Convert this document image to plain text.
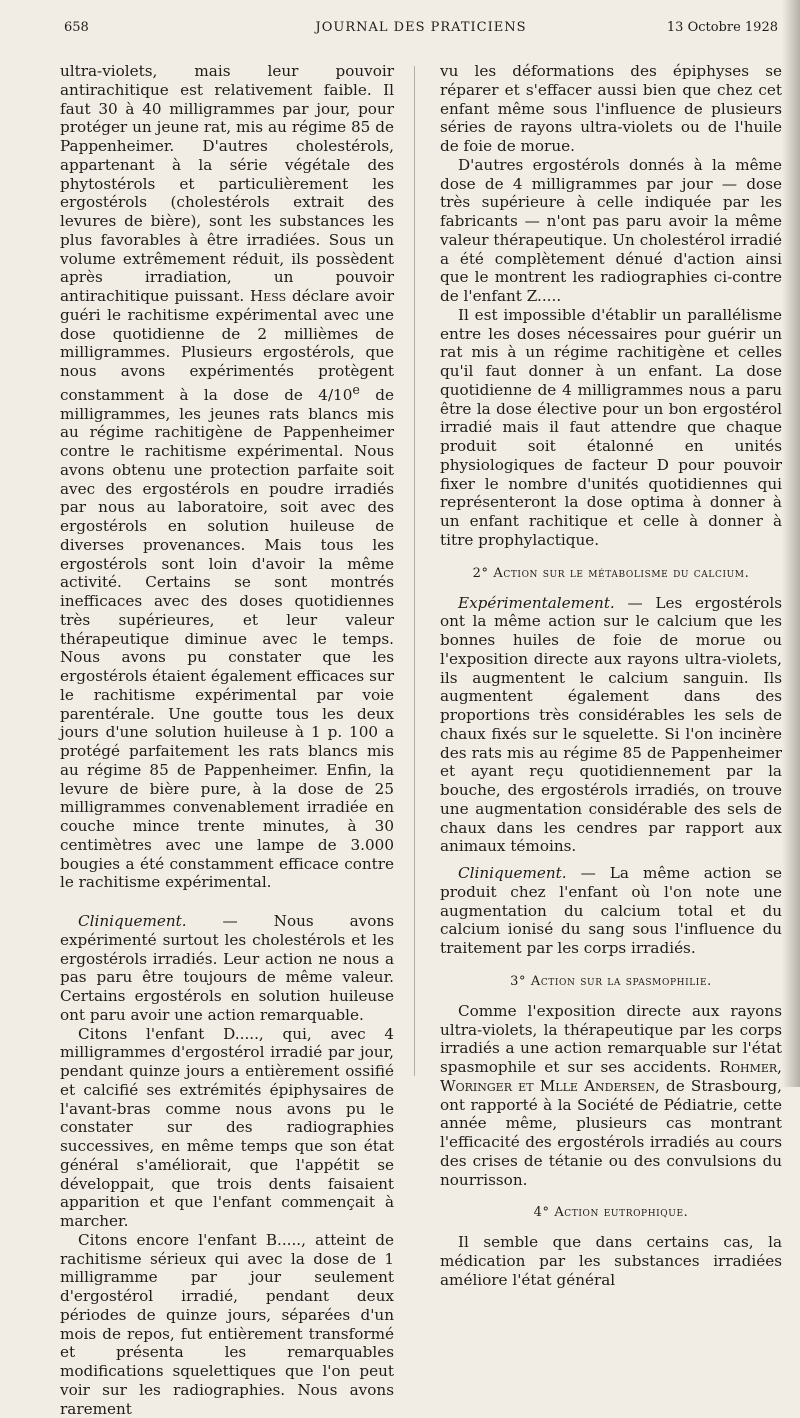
658	JOURNAL DES PRATICIENS	13 Octobre 1928

ultra-violets, mais leur pouvoir antirachitique est relativement faible. Il faut 30 à 40 milligrammes par jour, pour protéger un jeune rat, mis au régime 85 de Pappenheimer. D'autres cholestérols, appartenant à la série végétale des phytostérols et particulièrement les ergostérols (cholestérols extrait des levures de bière), sont les substances les plus favorables à être irradiées. Sous un volume extrêmement réduit, ils possèdent après irradiation, un pouvoir antirachitique puissant. Hess déclare avoir guéri le rachitisme expérimental avec une dose quotidienne de 2 millièmes de milligrammes. Plusieurs ergostérols, que nous avons expérimentés protègent constamment à la dose de 4/10e de milligrammes, les jeunes rats blancs mis au régime rachitigène de Pappenheimer contre le rachitisme expérimental. Nous avons obtenu une protection parfaite soit avec des ergostérols en poudre irradiés par nous au laboratoire, soit avec des ergostérols en solution huileuse de diverses provenances. Mais tous les ergostérols sont loin d'avoir la même activité. Certains se sont montrés inefficaces avec des doses quotidiennes très supérieures, et leur valeur thérapeutique diminue avec le temps. Nous avons pu constater que les ergostérols étaient également efficaces sur le rachitisme expérimental par voie parentérale. Une goutte tous les deux jours d'une solution huileuse à 1 p. 100 a protégé parfaitement les rats blancs mis au régime 85 de Pappenheimer. Enfin, la levure de bière pure, à la dose de 25 milligrammes convenablement irradiée en couche mince trente minutes, à 30 centimètres avec une lampe de 3.000 bougies a été constamment efficace contre le rachitisme expérimental.

Cliniquement. — Nous avons expérimenté surtout les cholestérols et les ergostérols irradiés. Leur action ne nous a pas paru être toujours de même valeur. Certains ergostérols en solution huileuse ont paru avoir une action remarquable.

Citons l'enfant D....., qui, avec 4 milligrammes d'ergostérol irradié par jour, pendant quinze jours a entièrement ossifié et calcifié ses extrémités épiphysaires de l'avant-bras comme nous avons pu le constater sur des radiographies successives, en même temps que son état général s'améliorait, que l'appétit se développait, que trois dents faisaient apparition et que l'enfant commençait à marcher.

Citons encore l'enfant B....., atteint de rachitisme sérieux qui avec la dose de 1 milligramme par jour seulement d'ergostérol irradié, pendant deux périodes de quinze jours, séparées d'un mois de repos, fut entièrement transformé et présenta les remarquables modifications squelettiques que l'on peut voir sur les radiographies. Nous avons rarement

vu les déformations des épiphyses se réparer et s'effacer aussi bien que chez cet enfant même sous l'influence de plusieurs séries de rayons ultra-violets ou de l'huile de foie de morue.

D'autres ergostérols donnés à la même dose de 4 milligrammes par jour — dose très supérieure à celle indiquée par les fabricants — n'ont pas paru avoir la même valeur thérapeutique. Un cholestérol irradié a été complètement dénué d'action ainsi que le montrent les radiographies ci-contre de l'enfant Z.....

Il est impossible d'établir un parallélisme entre les doses nécessaires pour guérir un rat mis à un régime rachitigène et celles qu'il faut donner à un enfant. La dose quotidienne de 4 milligrammes nous a paru être la dose élective pour un bon ergostérol irradié mais il faut attendre que chaque produit soit étalonné en unités physiologiques de facteur D pour pouvoir fixer le nombre d'unités quotidiennes qui représenteront la dose optima à donner à un enfant rachitique et celle à donner à titre prophylactique.

2° Action sur le métabolisme du calcium.

Expérimentalement. — Les ergostérols ont la même action sur le calcium que les bonnes huiles de foie de morue ou l'exposition directe aux rayons ultra-violets, ils augmentent le calcium sanguin. Ils augmentent également dans des proportions très considérables les sels de chaux fixés sur le squelette. Si l'on incinère des rats mis au régime 85 de Pappenheimer et ayant reçu quotidiennement par la bouche, des ergostérols irradiés, on trouve une augmentation considérable des sels de chaux dans les cendres par rapport aux animaux témoins.

Cliniquement. — La même action se produit chez l'enfant où l'on note une augmentation du calcium total et du calcium ionisé du sang sous l'influence du traitement par les corps irradiés.

3° Action sur la spasmophilie.

Comme l'exposition directe aux rayons ultra-violets, la thérapeutique par les corps irradiés a une action remarquable sur l'état spasmophile et sur ses accidents. Rohmer, Woringer et Mlle Andersen, de Strasbourg, ont rapporté à la Société de Pédiatrie, cette année même, plusieurs cas montrant l'efficacité des ergostérols irradiés au cours des crises de tétanie ou des convulsions du nourrisson.

4° Action eutrophique.

Il semble que dans certains cas, la médication par les substances irradiées améliore l'état général
